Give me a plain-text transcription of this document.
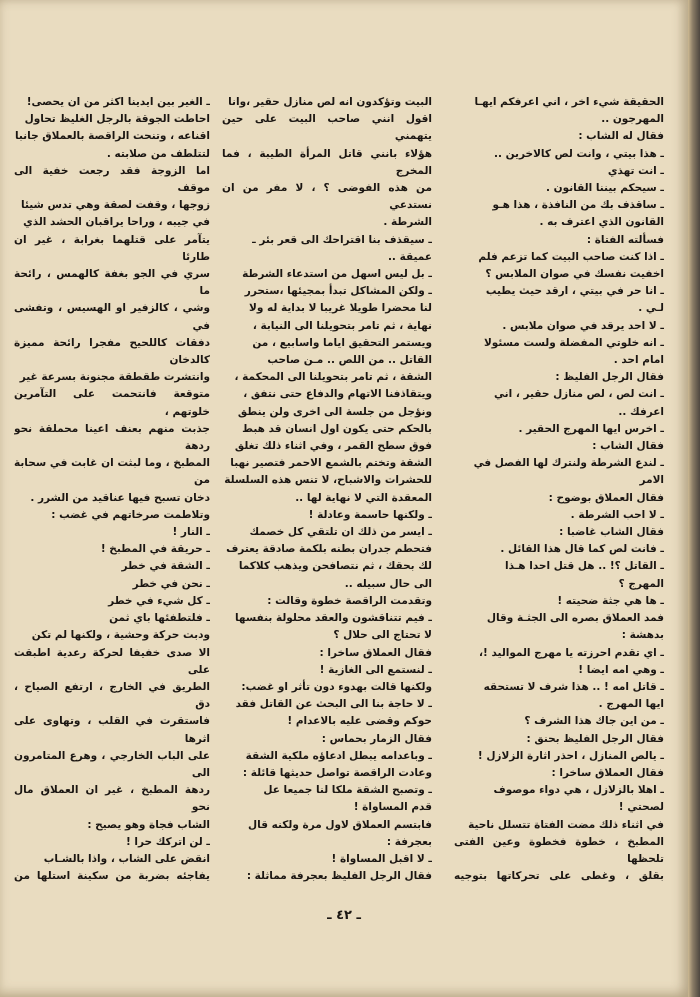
الحقيقة شيء اخر ، اني اعرفكم ايهـا

المهرجون ..

فقال له الشاب :

ـ هذا بيتي ، وانت لص كالاخرين ..

ـ انت تهذي

ـ سيحكم بيننا القانون .

ـ ساقذف بك من النافذة ، هذا هـو

القانون الذي اعترف به .

فسألته الفتاة :

ـ اذا كنت صاحب البيت كما تزعم فلم

اخفيت نفسك في صوان الملابس ؟

ـ انا حر في بيتي ، ارقد حيث يطيب

لـي .

ـ لا احد يرقد في صوان ملابس .

ـ انه خلوتي المفضلة ولست مسئولا

امام احد .

فقال الرجل الفليظ :

ـ انت لص ، لص منازل حقير ، اني

اعرفك ..

ـ اخرس ايها المهرج الحقير .

فقال الشاب :

ـ لندع الشرطة ولنترك لها الفصل في

الامر

فقال العملاق بوضوح :

ـ لا احب الشرطة .

فقال الشاب غاضبا :

ـ فانت لص كما قال هذا القائل .

ـ القاتل ؟! .. هل قتل احدا هـذا

المهرج ؟

ـ ها هي جثة ضحيته !

فمد العملاق بصره الى الجثـة وقال

بدهشة :

ـ اي تقدم احرزته يا مهرج المواليد !،

ـ وهي امه ايضا !

ـ قاتل امه ! .. هذا شرف لا تستحقه

ايها المهرج .

ـ من اين جاك هذا الشرف ؟

فقال الرجل الفليظ بحنق :

ـ يالص المنازل ، احذر اثارة الزلازل !

فقال العملاق ساخرا :

ـ اهلا بالزلازل ، هي دواء موصوف

لصحتي !

في اثناء ذلك مضت الفتاة تتسلل ناحية

المطبخ ، خطوة فخطوة وعين الفتى تلحظها

بقلق ، وغطى على تحركاتها بتوجيه

البيت وتؤكدون انه لص منازل حقير ،وانا

اقول انني صاحب البيت على حين يتهمني

هؤلاء بانني قاتل المرأة الطيبة ، فما المخرج

من هذه الفوضى ؟ ، لا مفر من ان نستدعي

الشرطة .

ـ سيقذف بنا اقتراحك الى قعر بئر ـ

عميقة ..

ـ بل ليس اسهل من استدعاء الشرطة

ـ ولكن المشاكل تبدأ بمجيئها ،ستحرر

لنا محضرا طويلا غريبا لا بداية له ولا

نهاية ، ثم تامر بتحويلنا الى النيابة ،

ويستمر التحقيق اياما واسابيع ، من

القاتل .. من اللص .. مـن صاحب

الشقة ، ثم تامر بتحويلنا الى المحكمة ،

ويتقاذفنا الاتهام والدفاع حتى نتفق ،

ونؤجل من جلسة الى اخرى ولن ينطق

بالحكم حتى يكون اول انسان قد هبط

فوق سطح القمر ، وفي اثناء ذلك تغلق

الشقة وتختم بالشمع الاحمر فتصير نهبا

للحشرات والاشباح، لا تنس هذه السلسلة

المعقدة التي لا نهاية لها ..

ـ ولكنها حاسمة وعادلة !

ـ ايسر من ذلك ان تلتقي كل خصمك

فتحطم جدران بطنه بلكمة صادقة يعترف

لك بحقك ، ثم نتصافحن ويذهب كلاكما

الى حال سبيله ..

وتقدمت الراقصة خطوة وقالت :

ـ فيم تتناقشون والعقد محلولة بنفسها

لا تحتاج الى حلال ؟

فقال العملاق ساخرا :

ـ لنستمع الى الغازية !

ولكنها قالت بهدوء دون تأثر او غضب:

ـ لا حاجة بنا الى البحث عن القاتل فقد

حوكم وقضى عليه بالاعدام !

فقال الزمار بحماس :

ـ وباعدامه يبطل ادعاؤه ملكية الشقة

وعادت الراقصة تواصل حديثها قائلة :

ـ وتصبح الشقة ملكا لنا جميعا عل

قدم المساواة !

فابتسم العملاق لاول مرة ولكنه قال

بعجرفة :

ـ لا اقبل المساواة !

فقال الرجل الفليظ بعجرفة مماثلة :

ـ الغير بين ايدينا اكثر من ان يحصى!

احاطت الجوقة بالرجل الغليظ تحاول

اقناعه ، وتنحت الراقصة بالعملاق جانبا

لتتلطف من صلابته .

اما الزوجة فقد رجعت خفية الى موقف

زوجها ، وقفت لصقة وهي تدس شيئا

في جيبه ، وراحا يراقبان الحشد الذي

يتآمر على قتلهما بغرابة ، غير ان طارئا

سري في الجو بغفة كالهمس ، رائحة ما

وشي ، كالزفير او الهسيس ، وتفشى في

دفقات كاللحيح مفجرا رائحة مميزة كالدخان

وانتشرت طقطقة مجنونة بسرعة غير

متوقعة فانتحمت على التآمرين خلوتهم ،

جذبت منهم بعنف اعينا محملقة نحو ردهة

المطبخ ، وما لبثت ان غابت في سحابة من

دخان تسبح فيها عناقيد من الشرر .

وتلاطمت صرخاتهم في غضب :

ـ النار !

ـ حريقة في المطبخ !

ـ الشقة في خطر

ـ نحن في خطر

ـ كل شيء في خطر

ـ فلتطفئها باي ثمن

ودبت حركة وحشية ، ولكنها لم تكن

الا صدى خفيفا لحركة رعدية اطبقت على

الطريق في الخارج ، ارتفع الصياح ، دق

فاستقرت في القلب ، وتهاوى على اثرها

على الباب الخارجي ، وهرع المتامرون الى

ردهة المطبخ ، غير ان العملاق مال نحو

الشاب فجاة وهو يصيح :

ـ لن اتركك حرا !

انقض على الشاب ، واذا بالشـاب

يفاجئه بضربة من سكينة استلها من

ـ ٤٢ ـ
